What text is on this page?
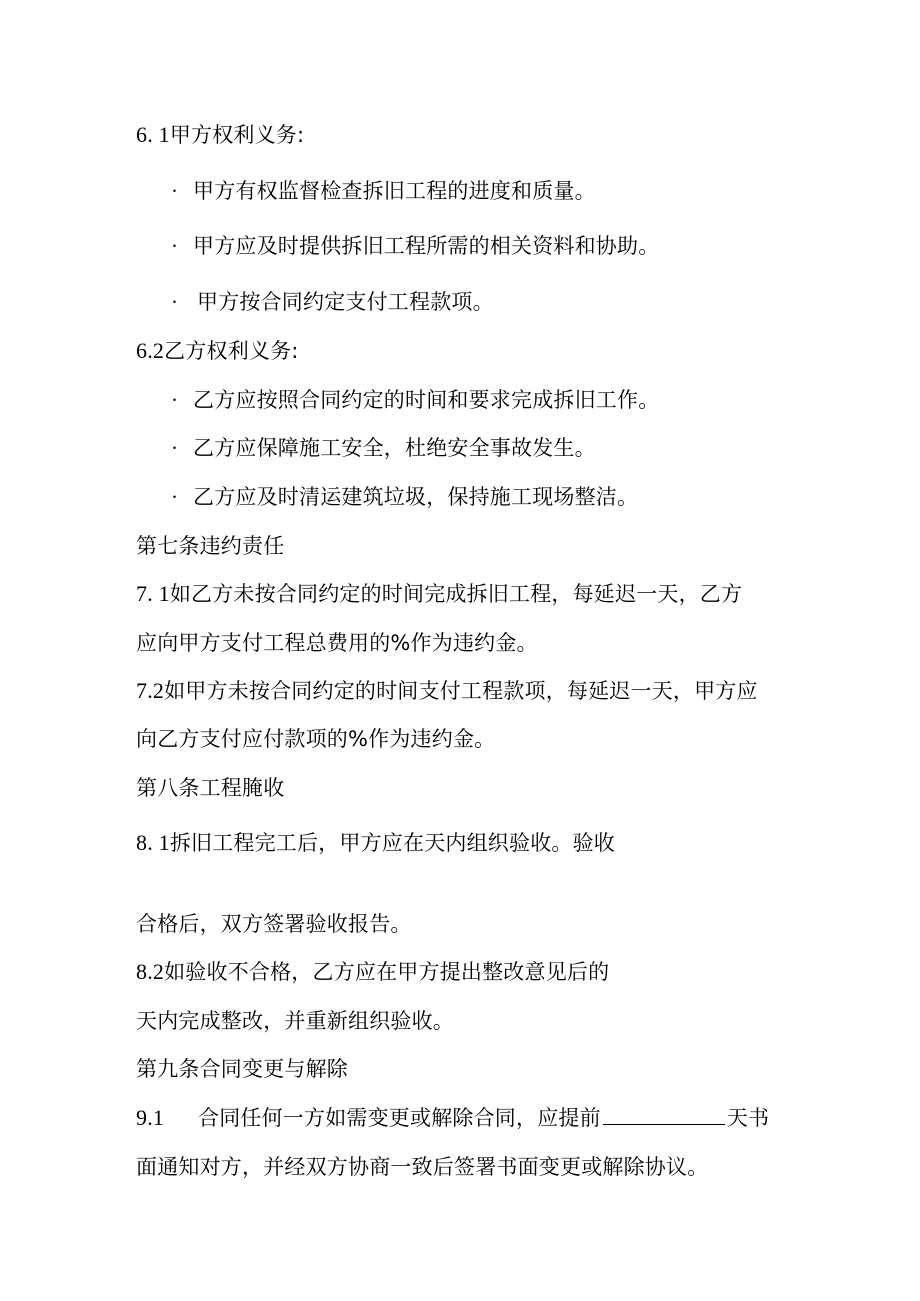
6. 1甲方权利义务:
· 甲方有权监督检查拆旧工程的进度和质量。
· 甲方应及时提供拆旧工程所需的相关资料和协助。
· 甲方按合同约定支付工程款项。
6.2乙方权利义务:
· 乙方应按照合同约定的时间和要求完成拆旧工作。
· 乙方应保障施工安全，杜绝安全事故发生。
· 乙方应及时清运建筑垃圾，保持施工现场整洁。
第七条违约责任
7. 1如乙方未按合同约定的时间完成拆旧工程，每延迟一天，乙方
应向甲方支付工程总费用的%作为违约金。
7.2如甲方未按合同约定的时间支付工程款项，每延迟一天，甲方应
向乙方支付应付款项的%作为违约金。
第八条工程腌收
8. 1拆旧工程完工后，甲方应在天内组织验收。验收
合格后，双方签署验收报告。
8.2如验收不合格，乙方应在甲方提出整改意见后的
天内完成整改，并重新组织验收。
第九条合同变更与解除
9.1 合同任何一方如需变更或解除合同，应提前	天书
面通知对方，并经双方协商一致后签署书面变更或解除协议。
